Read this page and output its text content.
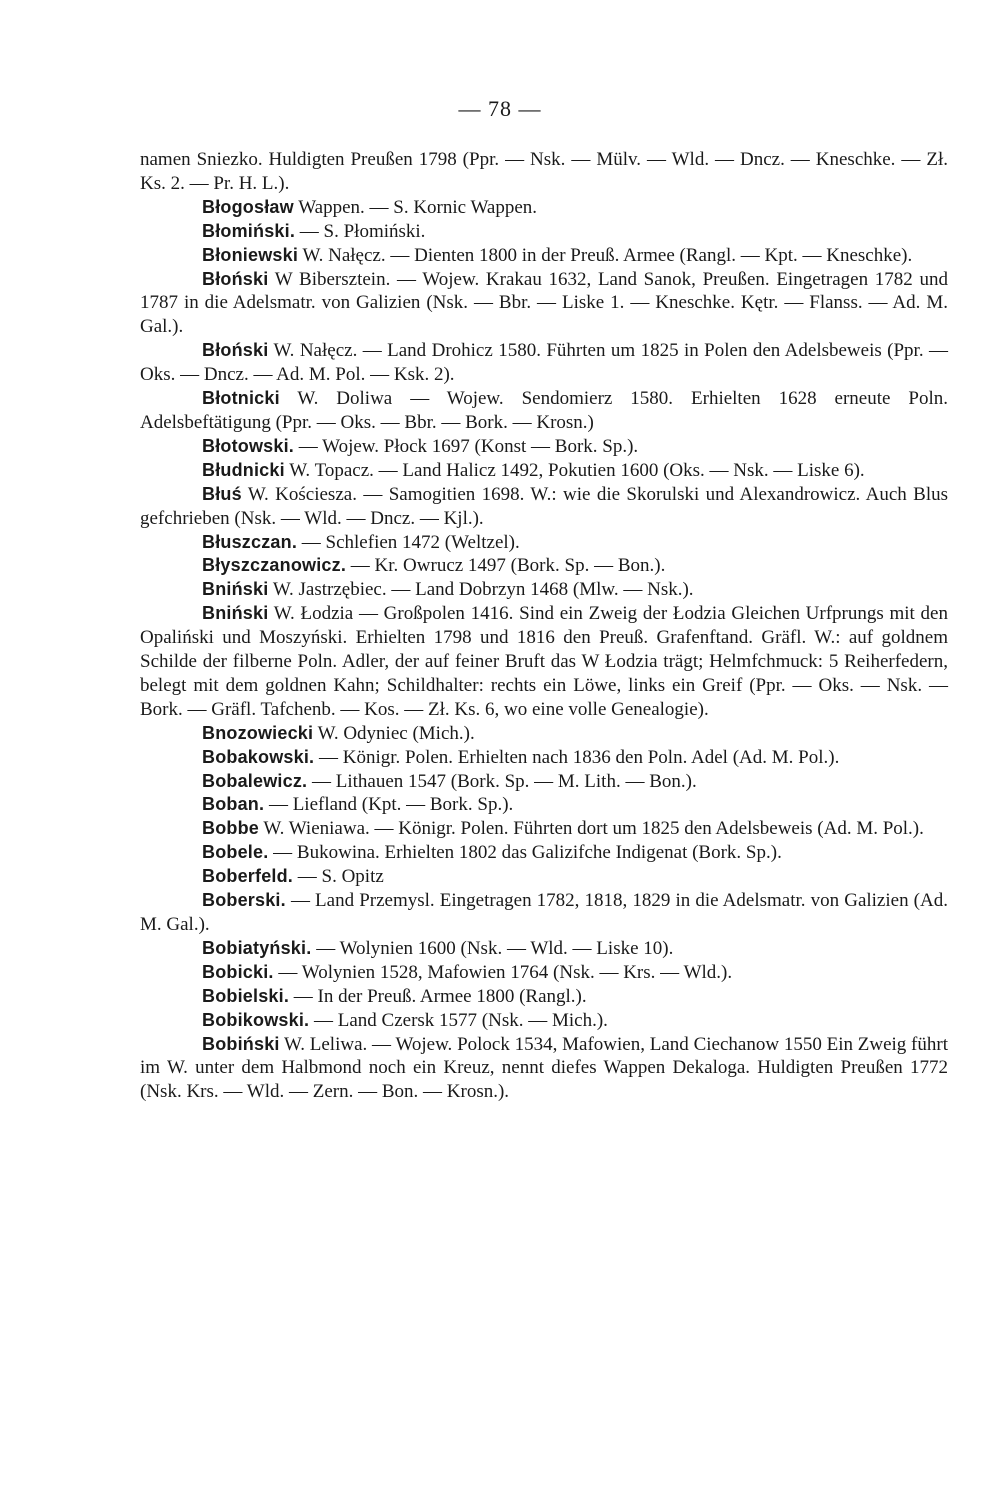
— 78 —

namen Sniezko. Huldigten Preußen 1798 (Ppr. — Nsk. — Mülv. — Wld. — Dncz. — Kneschke. — Zł. Ks. 2. — Pr. H. L.).

Błogosław Wappen. — S. Kornic Wappen.

Błomiński. — S. Płomiński.

Błoniewski W. Nałęcz. — Dienten 1800 in der Preuß. Armee (Rangl. — Kpt. — Kneschke).

Błoński W Bibersztein. — Wojew. Krakau 1632, Land Sanok, Preußen. Eingetragen 1782 und 1787 in die Adelsmatr. von Galizien (Nsk. — Bbr. — Liske 1. — Kneschke. Kętr. — Flanss. — Ad. M. Gal.).

Błoński W. Nałęcz. — Land Drohicz 1580. Führten um 1825 in Polen den Adelsbeweis (Ppr. — Oks. — Dncz. — Ad. M. Pol. — Ksk. 2).

Błotnicki W. Doliwa — Wojew. Sendomierz 1580. Erhielten 1628 erneute Poln. Adelsbeftätigung (Ppr. — Oks. — Bbr. — Bork. — Krosn.)

Błotowski. — Wojew. Płock 1697 (Konst — Bork. Sp.).

Błudnicki W. Topacz. — Land Halicz 1492, Pokutien 1600 (Oks. — Nsk. — Liske 6).

Błuś W. Kościesza. — Samogitien 1698. W.: wie die Skorulski und Alexandrowicz. Auch Blus gefchrieben (Nsk. — Wld. — Dncz. — Kjl.).

Błuszczan. — Schlefien 1472 (Weltzel).

Błyszczanowicz. — Kr. Owrucz 1497 (Bork. Sp. — Bon.).

Bniński W. Jastrzębiec. — Land Dobrzyn 1468 (Mlw. — Nsk.).

Bniński W. Łodzia — Großpolen 1416. Sind ein Zweig der Łodzia Gleichen Urfprungs mit den Opaliński und Moszyński. Erhielten 1798 und 1816 den Preuß. Grafenftand. Gräfl. W.: auf goldnem Schilde der filberne Poln. Adler, der auf feiner Bruft das W Łodzia trägt; Helmfchmuck: 5 Reiherfedern, belegt mit dem goldnen Kahn; Schildhalter: rechts ein Löwe, links ein Greif (Ppr. — Oks. — Nsk. — Bork. — Gräfl. Tafchenb. — Kos. — Zł. Ks. 6, wo eine volle Genealogie).

Bnozowiecki W. Odyniec (Mich.).

Bobakowski. — Königr. Polen. Erhielten nach 1836 den Poln. Adel (Ad. M. Pol.).

Bobalewicz. — Lithauen 1547 (Bork. Sp. — M. Lith. — Bon.).

Boban. — Liefland (Kpt. — Bork. Sp.).

Bobbe W. Wieniawa. — Königr. Polen. Führten dort um 1825 den Adelsbeweis (Ad. M. Pol.).

Bobele. — Bukowina. Erhielten 1802 das Galizifche Indigenat (Bork. Sp.).

Boberfeld. — S. Opitz

Boberski. — Land Przemysl. Eingetragen 1782, 1818, 1829 in die Adelsmatr. von Galizien (Ad. M. Gal.).

Bobiatyński. — Wolynien 1600 (Nsk. — Wld. — Liske 10).

Bobicki. — Wolynien 1528, Mafowien 1764 (Nsk. — Krs. — Wld.).

Bobielski. — In der Preuß. Armee 1800 (Rangl.).

Bobikowski. — Land Czersk 1577 (Nsk. — Mich.).

Bobiński W. Leliwa. — Wojew. Polock 1534, Mafowien, Land Ciechanow 1550 Ein Zweig führt im W. unter dem Halbmond noch ein Kreuz, nennt diefes Wappen Dekaloga. Huldigten Preußen 1772 (Nsk. Krs. — Wld. — Zern. — Bon. — Krosn.).
